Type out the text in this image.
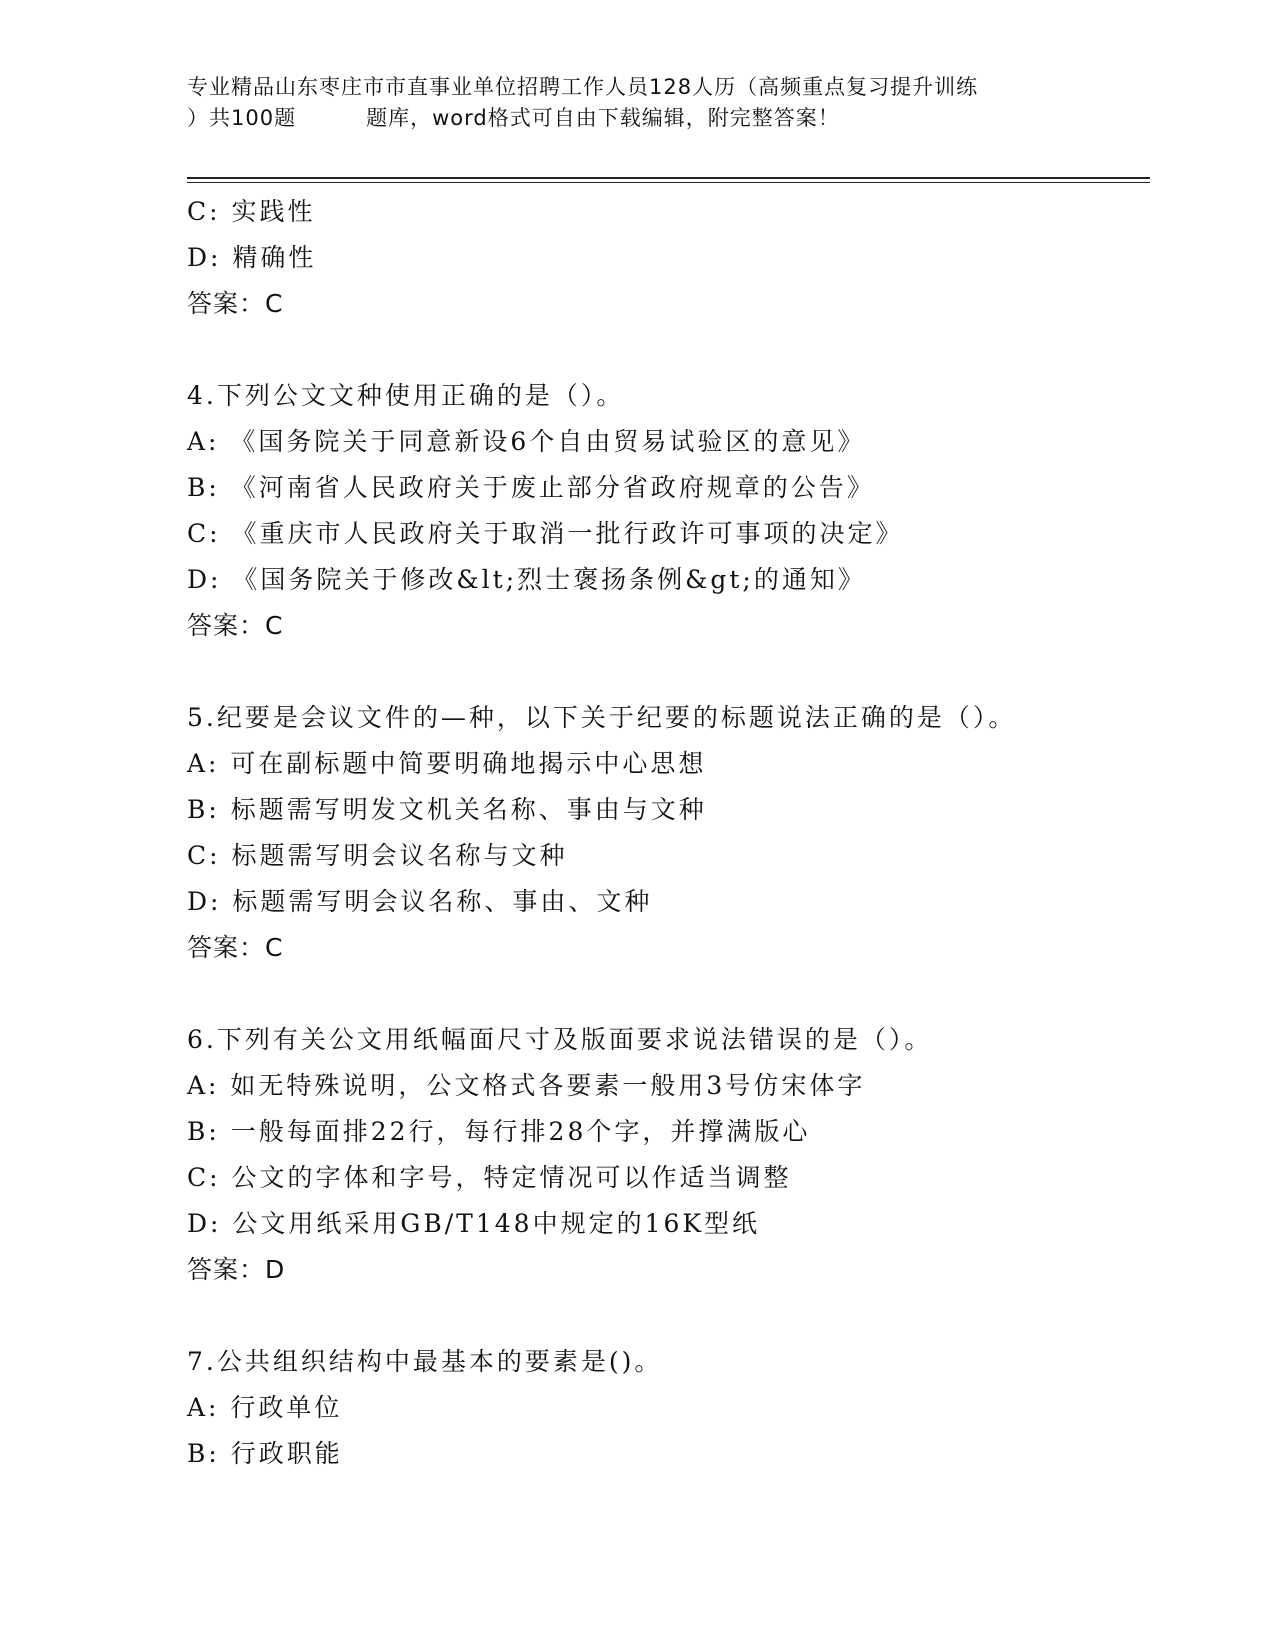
专业精品山东枣庄市市直事业单位招聘工作人员128人历（高频重点复习提升训练
）共100题	题库，word格式可自由下载编辑，附完整答案！
C: 实践性
D: 精确性
答案：C
4.下列公文文种使用正确的是（）。
A: 《国务院关于同意新设6个自由贸易试验区的意见》
B: 《河南省人民政府关于废止部分省政府规章的公告》
C: 《重庆市人民政府关于取消一批行政许可事项的决定》
D: 《国务院关于修改&lt;烈士褒扬条例&gt;的通知》
答案：C
5.纪要是会议文件的—种，以下关于纪要的标题说法正确的是（）。
A: 可在副标题中简要明确地揭示中心思想
B: 标题需写明发文机关名称、事由与文种
C: 标题需写明会议名称与文种
D: 标题需写明会议名称、事由、文种
答案：C
6.下列有关公文用纸幅面尺寸及版面要求说法错误的是（）。
A: 如无特殊说明，公文格式各要素一般用3号仿宋体字
B: 一般每面排22行，每行排28个字，并撑满版心
C: 公文的字体和字号，特定情况可以作适当调整
D: 公文用纸采用GB/T148中规定的16K型纸
答案：D
7.公共组织结构中最基本的要素是()。
A: 行政单位
B: 行政职能
